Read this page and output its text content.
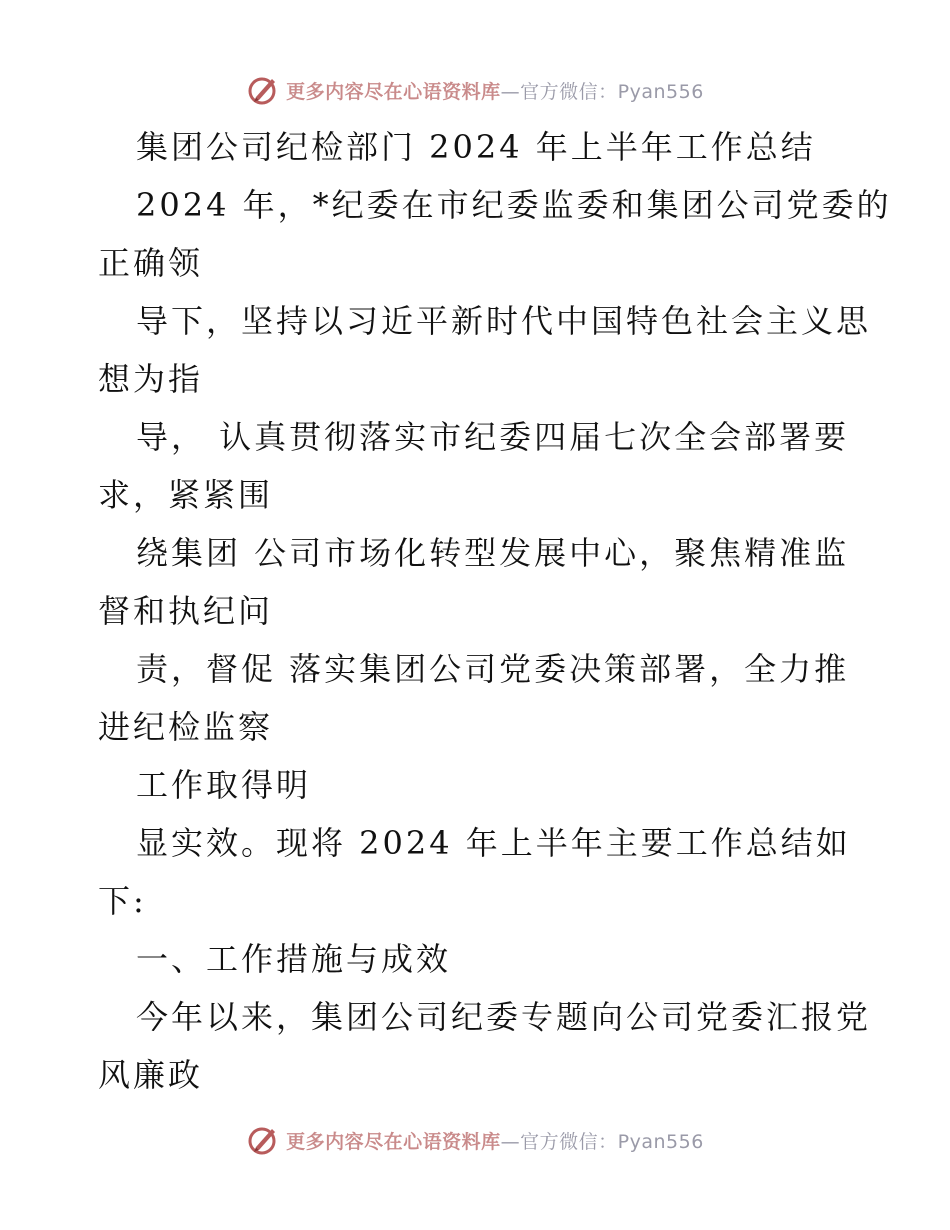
更多内容尽在心语资料库 —官方微信：Pyan556
集团公司纪检部门 2024 年上半年工作总结
2024 年，*纪委在市纪委监委和集团公司党委的
正确领
导下，坚持以习近平新时代中国特色社会主义思
想为指
导， 认真贯彻落实市纪委四届七次全会部署要
求，紧紧围
绕集团 公司市场化转型发展中心，聚焦精准监
督和执纪问
责，督促 落实集团公司党委决策部署，全力推
进纪检监察
工作取得明
显实效。现将 2024 年上半年主要工作总结如
下:
一、工作措施与成效
今年以来，集团公司纪委专题向公司党委汇报党
风廉政
更多内容尽在心语资料库 —官方微信：Pyan556
